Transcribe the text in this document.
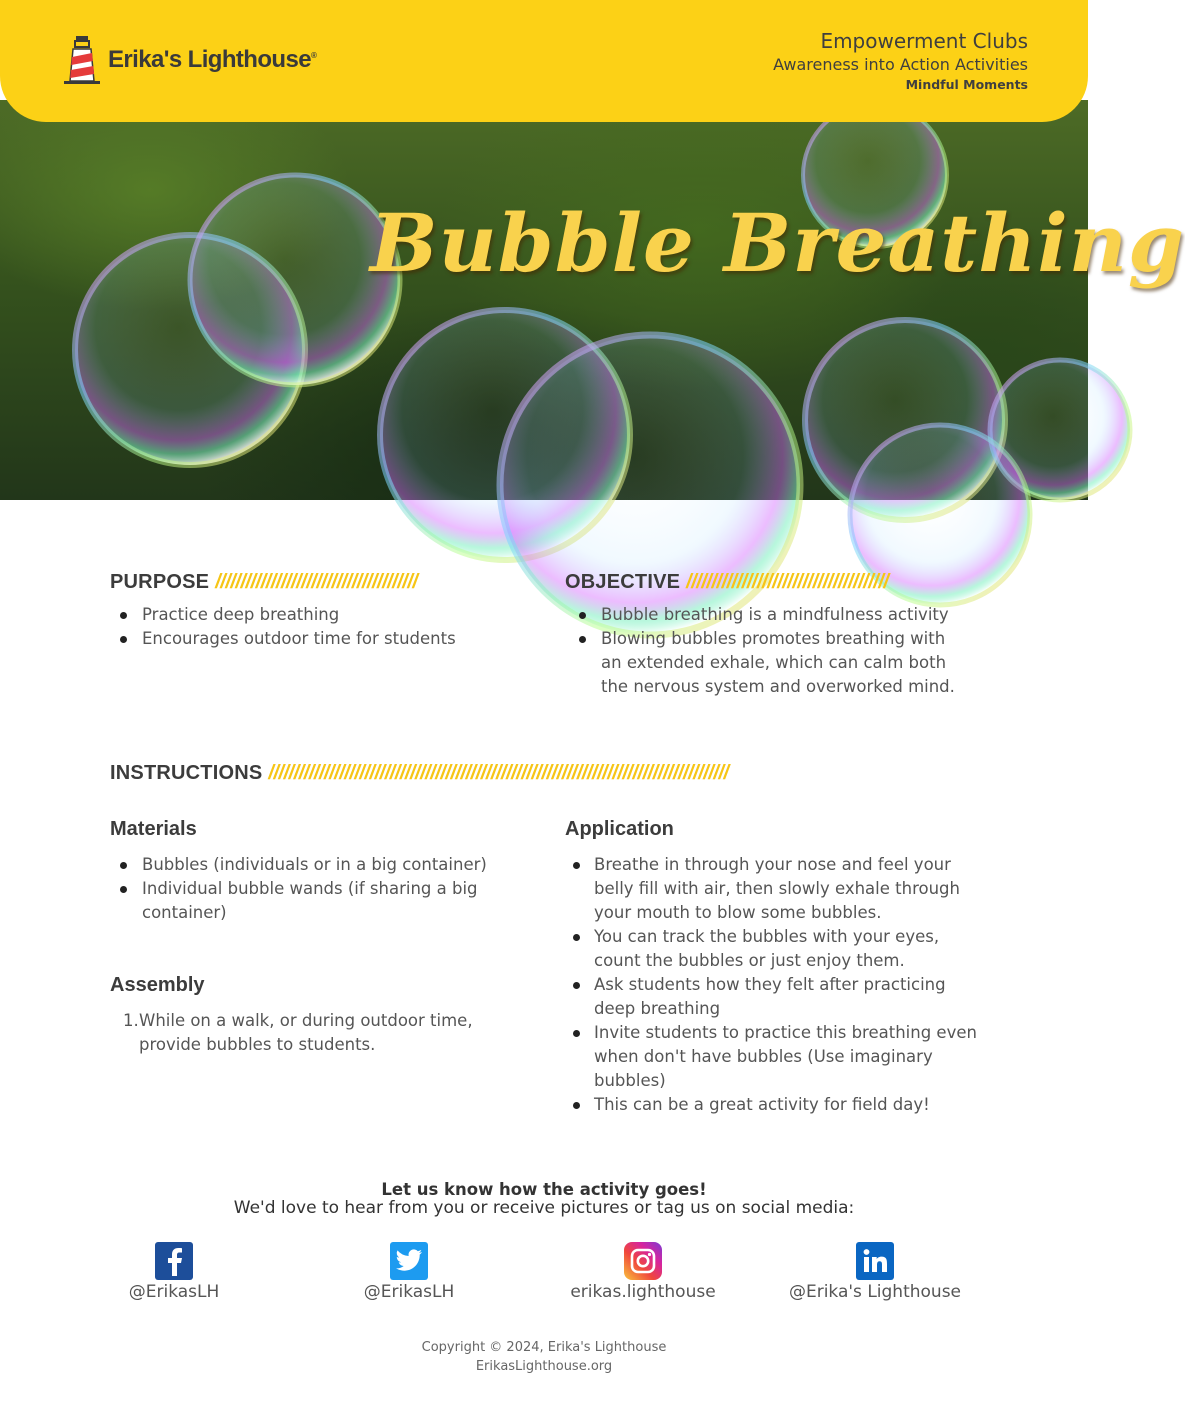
Erika's Lighthouse®
Empowerment Clubs
Awareness into Action Activities
Mindful Moments
Bubble Breathing
PURPOSE ////////////////////////////////////////
Practice deep breathing
Encourages outdoor time for students
OBJECTIVE ////////////////////////////////////////
Bubble breathing is a mindfulness activity
Blowing bubbles promotes breathing with an extended exhale, which can calm both the nervous system and overworked mind.
INSTRUCTIONS ///////////////////////////////////////////////////////////////////////////////////////////
Materials
Bubbles (individuals or in a big container)
Individual bubble wands (if sharing a big container)
Assembly
1. While on a walk, or during outdoor time, provide bubbles to students.
Application
Breathe in through your nose and feel your belly fill with air, then slowly exhale through your mouth to blow some bubbles.
You can track the bubbles with your eyes, count the bubbles or just enjoy them.
Ask students how they felt after practicing deep breathing
Invite students to practice this breathing even when don't have bubbles (Use imaginary bubbles)
This can be a great activity for field day!
Let us know how the activity goes!
We'd love to hear from you or receive pictures or tag us on social media:
@ErikasLH	@ErikasLH	erikas.lighthouse	@Erika's Lighthouse
Copyright © 2024, Erika's Lighthouse
ErikasLighthouse.org
